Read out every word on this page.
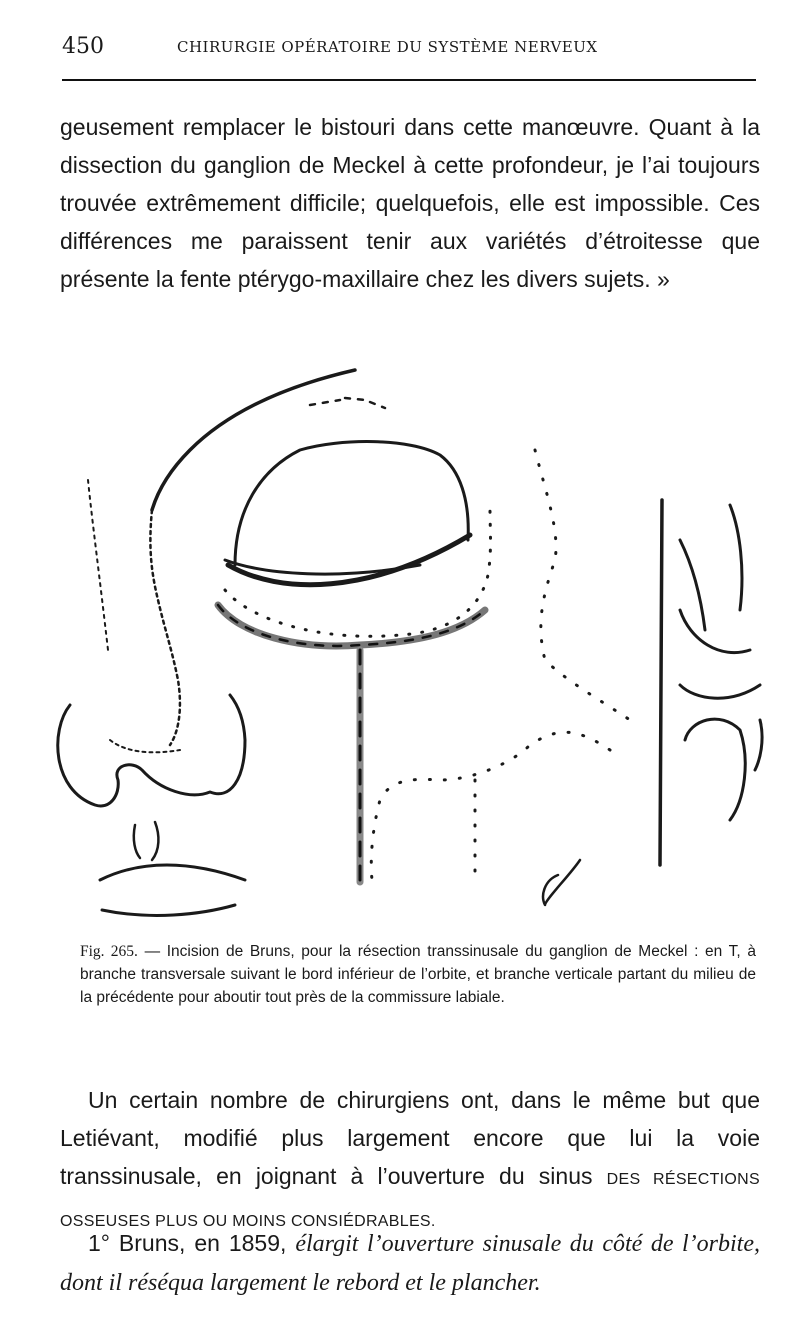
450	CHIRURGIE OPÉRATOIRE DU SYSTÈME NERVEUX

geusement remplacer le bistouri dans cette manœuvre. Quant à la dissection du ganglion de Meckel à cette profondeur, je l’ai toujours trouvée extrêmement difficile; quelquefois, elle est impossible. Ces différences me paraissent tenir aux variétés d’étroitesse que présente la fente ptérygo-maxillaire chez les divers sujets. »

Fig. 265. — Incision de Bruns, pour la résection transsinusale du ganglion de Meckel : en T, à branche transversale suivant le bord inférieur de l’orbite, et branche verticale partant du milieu de la précédente pour aboutir tout près de la commissure labiale.

Un certain nombre de chirurgiens ont, dans le même but que Letiévant, modifié plus largement encore que lui la voie transsinusale, en joignant à l’ouverture du sinus DES RÉSECTIONS OSSEUSES PLUS OU MOINS CONSIÉDRABLES.

1° Bruns, en 1859, élargit l’ouverture sinusale du côté de l’orbite, dont il réséqua largement le rebord et le plancher.
